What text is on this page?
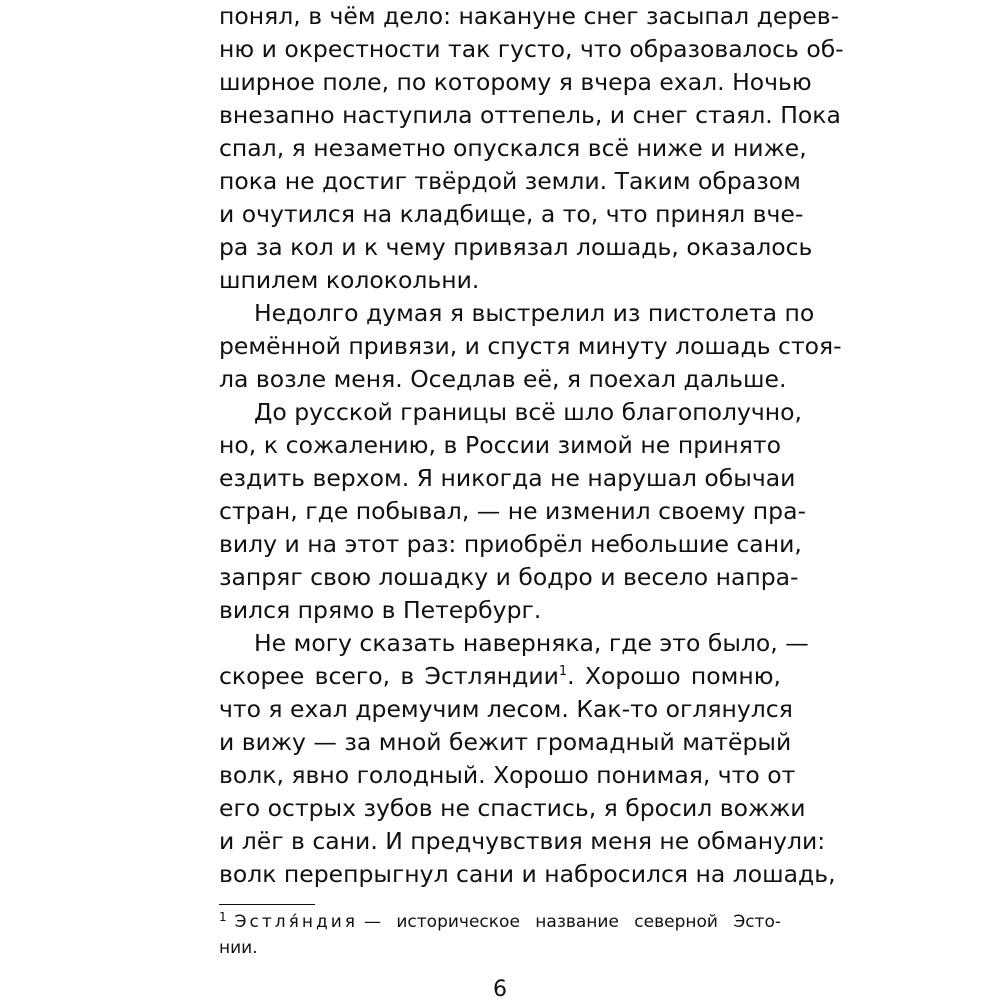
понял, в чём дело: накануне снег засыпал дерев-
ню и окрестности так густо, что образовалось об-
ширное поле, по которому я вчера ехал. Ночью
внезапно наступила оттепель, и снег стаял. Пока
спал, я незаметно опускался всё ниже и ниже,
пока не достиг твёрдой земли. Таким образом
и очутился на кладбище, а то, что принял вче-
ра за кол и к чему привязал лошадь, оказалось
шпилем колокольни.
Недолго думая я выстрелил из пистолета по
ремённой привязи, и спустя минуту лошадь стоя-
ла возле меня. Оседлав её, я поехал дальше.
До русской границы всё шло благополучно,
но, к сожалению, в России зимой не принято
ездить верхом. Я никогда не нарушал обычаи
стран, где побывал, — не изменил своему пра-
вилу и на этот раз: приобрёл небольшие сани,
запряг свою лошадку и бодро и весело напра-
вился прямо в Петербург.
Не могу сказать наверняка, где это было, —
скорее всего, в Эстляндии$^1$. Хорошо помню,
что я ехал дремучим лесом. Как-то оглянулся
и вижу — за мной бежит громадный матёрый
волк, явно голодный. Хорошо понимая, что от
его острых зубов не спастись, я бросил вожжи
и лёг в сани. И предчувствия меня не обманули:
волк перепрыгнул сани и набросился на лошадь,
$^1$ Эстля́ндия — историческое название северной Эсто-
нии.
6
